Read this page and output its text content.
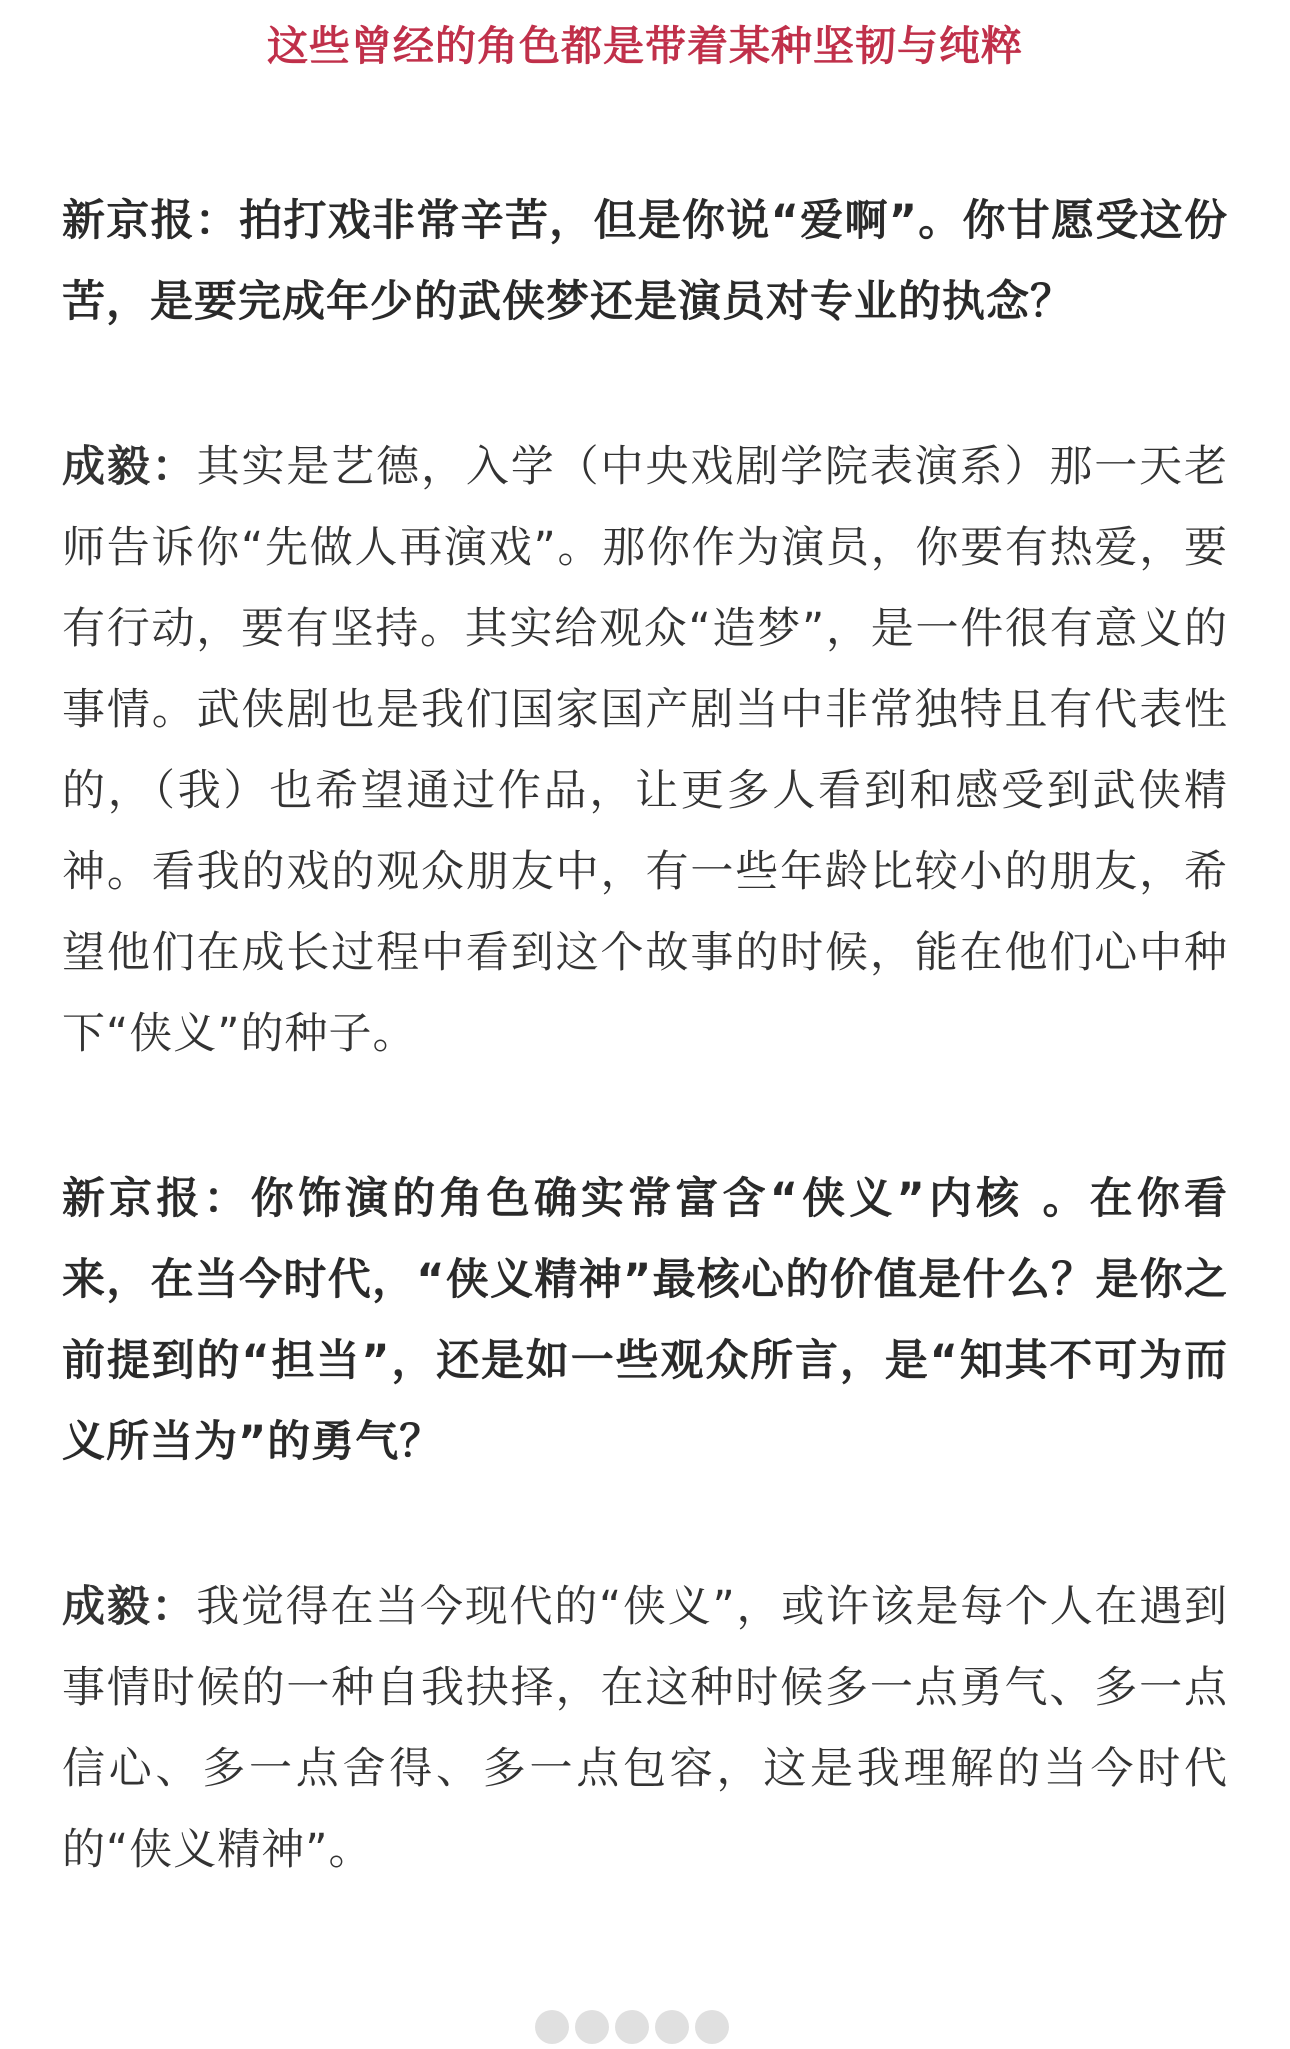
这些曾经的角色都是带着某种坚韧与纯粹

新京报：拍打戏非常辛苦，但是你说“爱啊”。你甘愿受这份苦，是要完成年少的武侠梦还是演员对专业的执念？

成毅：其实是艺德，入学（中央戏剧学院表演系）那一天老师告诉你“先做人再演戏”。那你作为演员，你要有热爱，要有行动，要有坚持。其实给观众“造梦”，是一件很有意义的事情。武侠剧也是我们国家国产剧当中非常独特且有代表性的，（我）也希望通过作品，让更多人看到和感受到武侠精神。看我的戏的观众朋友中，有一些年龄比较小的朋友，希望他们在成长过程中看到这个故事的时候，能在他们心中种下“侠义”的种子。

新京报：你饰演的角色确实常富含“侠义”内核 。在你看来，在当今时代，“侠义精神”最核心的价值是什么？是你之前提到的“担当”，还是如一些观众所言，是“知其不可为而义所当为”的勇气？

成毅：我觉得在当今现代的“侠义”，或许该是每个人在遇到事情时候的一种自我抉择，在这种时候多一点勇气、多一点信心、多一点舍得、多一点包容，这是我理解的当今时代的“侠义精神”。
